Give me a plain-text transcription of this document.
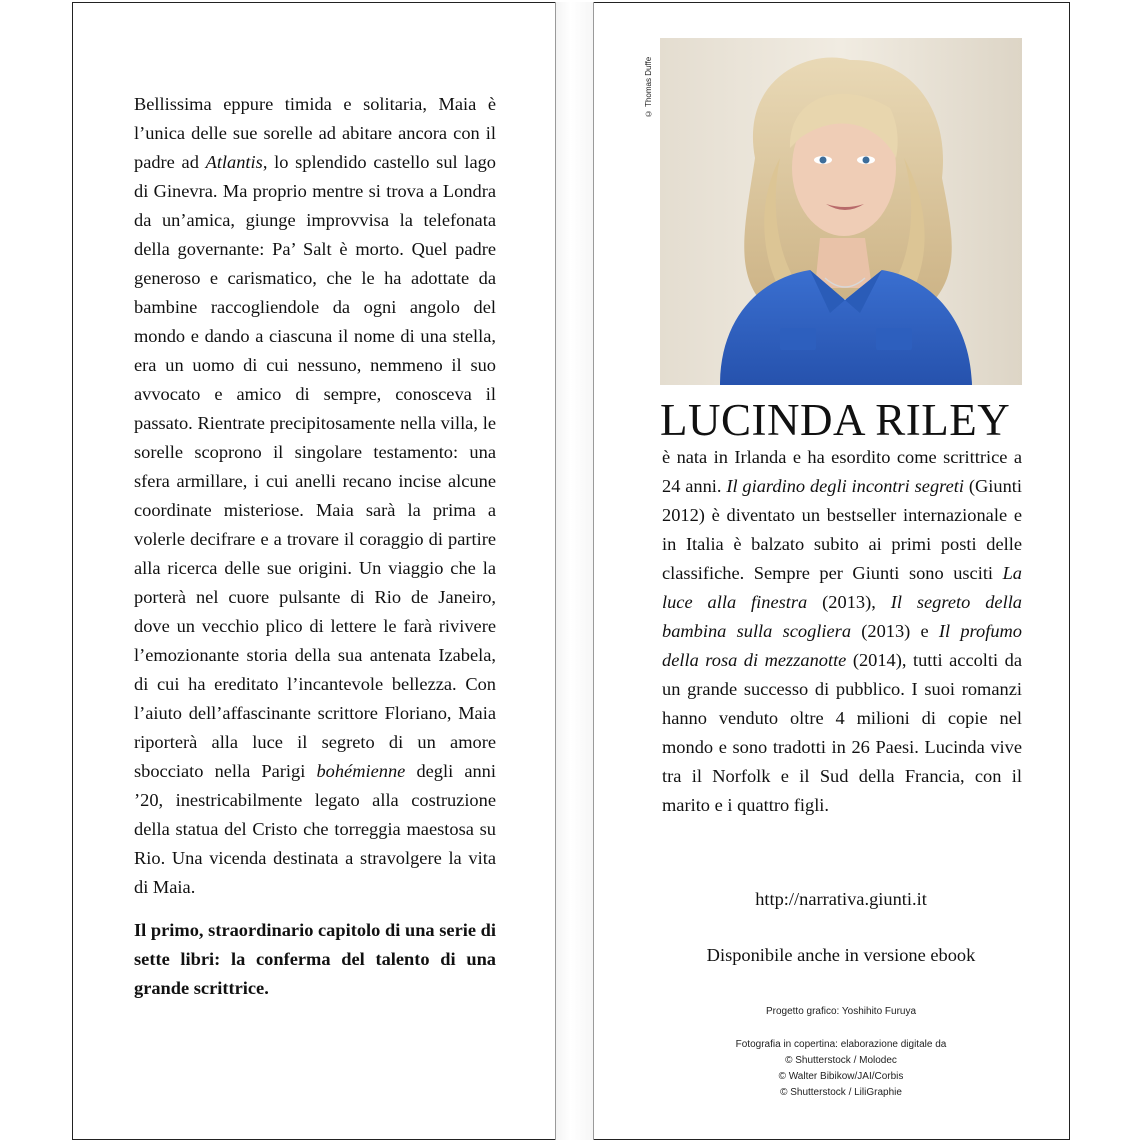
Bellissima eppure timida e solitaria, Maia è l’unica delle sue sorelle ad abitare ancora con il padre ad Atlantis, lo splendido castello sul lago di Ginevra. Ma proprio mentre si trova a Londra da un’amica, giunge improvvisa la telefonata della governante: Pa’ Salt è morto. Quel padre generoso e carismatico, che le ha adottate da bambine raccogliendole da ogni angolo del mondo e dando a ciascuna il nome di una stella, era un uomo di cui nessuno, nemmeno il suo avvocato e amico di sempre, conosceva il passato. Rientrate precipitosamente nella villa, le sorelle scoprono il singolare testamento: una sfera armillare, i cui anelli recano incise alcune coordinate misteriose. Maia sarà la prima a volerle decifrare e a trovare il coraggio di partire alla ricerca delle sue origini. Un viaggio che la porterà nel cuore pulsante di Rio de Janeiro, dove un vecchio plico di lettere le farà rivivere l’emozionante storia della sua antenata Izabela, di cui ha ereditato l’incantevole bellezza. Con l’aiuto dell’affascinante scrittore Floriano, Maia riporterà alla luce il segreto di un amore sbocciato nella Parigi bohémienne degli anni ’20, inestricabilmente legato alla costruzione della statua del Cristo che torreggia maestosa su Rio. Una vicenda destinata a stravolgere la vita di Maia.

Il primo, straordinario capitolo di una serie di sette libri: la conferma del talento di una grande scrittrice.

© Thomas Duffe
LUCINDA RILEY

è nata in Irlanda e ha esordito come scrittrice a 24 anni. Il giardino degli incontri segreti (Giunti 2012) è diventato un bestseller internazionale e in Italia è balzato subito ai primi posti delle classifiche. Sempre per Giunti sono usciti La luce alla finestra (2013), Il segreto della bambina sulla scogliera (2013) e Il profumo della rosa di mezzanotte (2014), tutti accolti da un grande successo di pubblico. I suoi romanzi hanno venduto oltre 4 milioni di copie nel mondo e sono tradotti in 26 Paesi. Lucinda vive tra il Norfolk e il Sud della Francia, con il marito e i quattro figli.

http://narrativa.giunti.it
Disponibile anche in versione ebook
Progetto grafico: Yoshihito Furuya
Fotografia in copertina: elaborazione digitale da
© Shutterstock / Molodec
© Walter Bibikow/JAI/Corbis
© Shutterstock / LiliGraphie
